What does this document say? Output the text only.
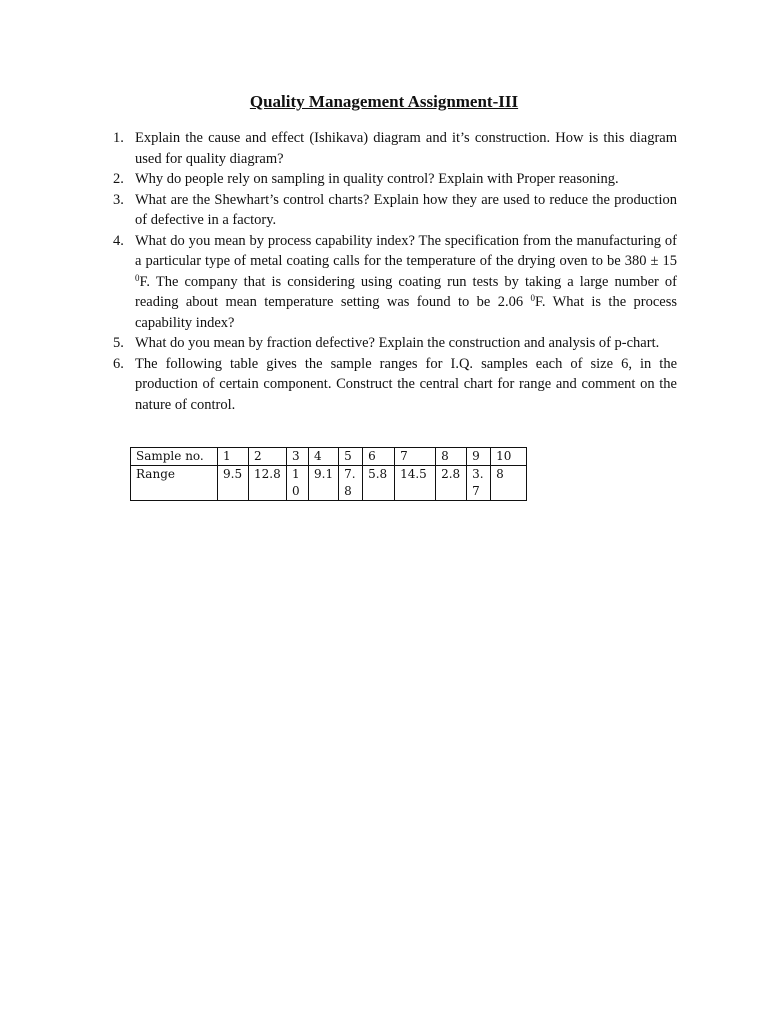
Quality Management Assignment-III
1. Explain the cause and effect (Ishikava) diagram and it’s construction. How is this diagram used for quality diagram?
2. Why do people rely on sampling in quality control? Explain with Proper reasoning.
3. What are the Shewhart’s control charts? Explain how they are used to reduce the production of defective in a factory.
4. What do you mean by process capability index? The specification from the manufacturing of a particular type of metal coating calls for the temperature of the drying oven to be 380 ± 15 $^0$F. The company that is considering using coating run tests by taking a large number of reading about mean temperature setting was found to be 2.06 $^0$F. What is the process capability index?
5. What do you mean by fraction defective? Explain the construction and analysis of p-chart.
6. The following table gives the sample ranges for I.Q. samples each of size 6, in the production of certain component. Construct the central chart for range and comment on the nature of control.
Sample no.	1	2	3	4	5	6	7	8	9	10
Range	9.5	12.8	10	9.1	7.8	5.8	14.5	2.8	3.7	8
